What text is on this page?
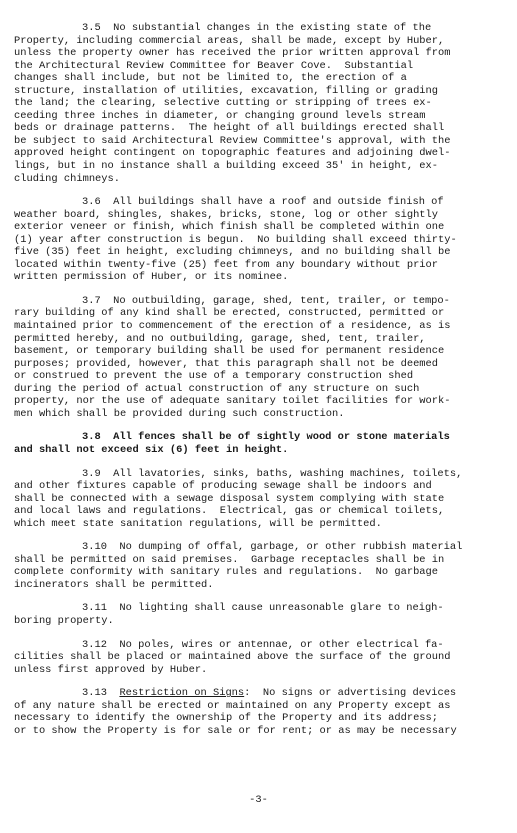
3.5  No substantial changes in the existing state of the
Property, including commercial areas, shall be made, except by Huber,
unless the property owner has received the prior written approval from
the Architectural Review Committee for Beaver Cove.  Substantial
changes shall include, but not be limited to, the erection of a
structure, installation of utilities, excavation, filling or grading
the land; the clearing, selective cutting or stripping of trees ex-
ceeding three inches in diameter, or changing ground levels stream
beds or drainage patterns.  The height of all buildings erected shall
be subject to said Architectural Review Committee's approval, with the
approved height contingent on topographic features and adjoining dwel-
lings, but in no instance shall a building exceed 35' in height, ex-
cluding chimneys.
3.6  All buildings shall have a roof and outside finish of
weather board, shingles, shakes, bricks, stone, log or other sightly
exterior veneer or finish, which finish shall be completed within one
(1) year after construction is begun.  No building shall exceed thirty-
five (35) feet in height, excluding chimneys, and no building shall be
located within twenty-five (25) feet from any boundary without prior
written permission of Huber, or its nominee.
3.7  No outbuilding, garage, shed, tent, trailer, or tempo-
rary building of any kind shall be erected, constructed, permitted or
maintained prior to commencement of the erection of a residence, as is
permitted hereby, and no outbuilding, garage, shed, tent, trailer,
basement, or temporary building shall be used for permanent residence
purposes; provided, however, that this paragraph shall not be deemed
or construed to prevent the use of a temporary construction shed
during the period of actual construction of any structure on such
property, nor the use of adequate sanitary toilet facilities for work-
men which shall be provided during such construction.
3.8  All fences shall be of sightly wood or stone materials
and shall not exceed six (6) feet in height.
3.9  All lavatories, sinks, baths, washing machines, toilets,
and other fixtures capable of producing sewage shall be indoors and
shall be connected with a sewage disposal system complying with state
and local laws and regulations.  Electrical, gas or chemical toilets,
which meet state sanitation regulations, will be permitted.
3.10  No dumping of offal, garbage, or other rubbish material
shall be permitted on said premises.  Garbage receptacles shall be in
complete conformity with sanitary rules and regulations.  No garbage
incinerators shall be permitted.
3.11  No lighting shall cause unreasonable glare to neigh-
boring property.
3.12  No poles, wires or antennae, or other electrical fa-
cilities shall be placed or maintained above the surface of the ground
unless first approved by Huber.
3.13 Restriction on Signs:  No signs or advertising devices
of any nature shall be erected or maintained on any Property except as
necessary to identify the ownership of the Property and its address;
or to show the Property is for sale or for rent; or as may be necessary
-3-
